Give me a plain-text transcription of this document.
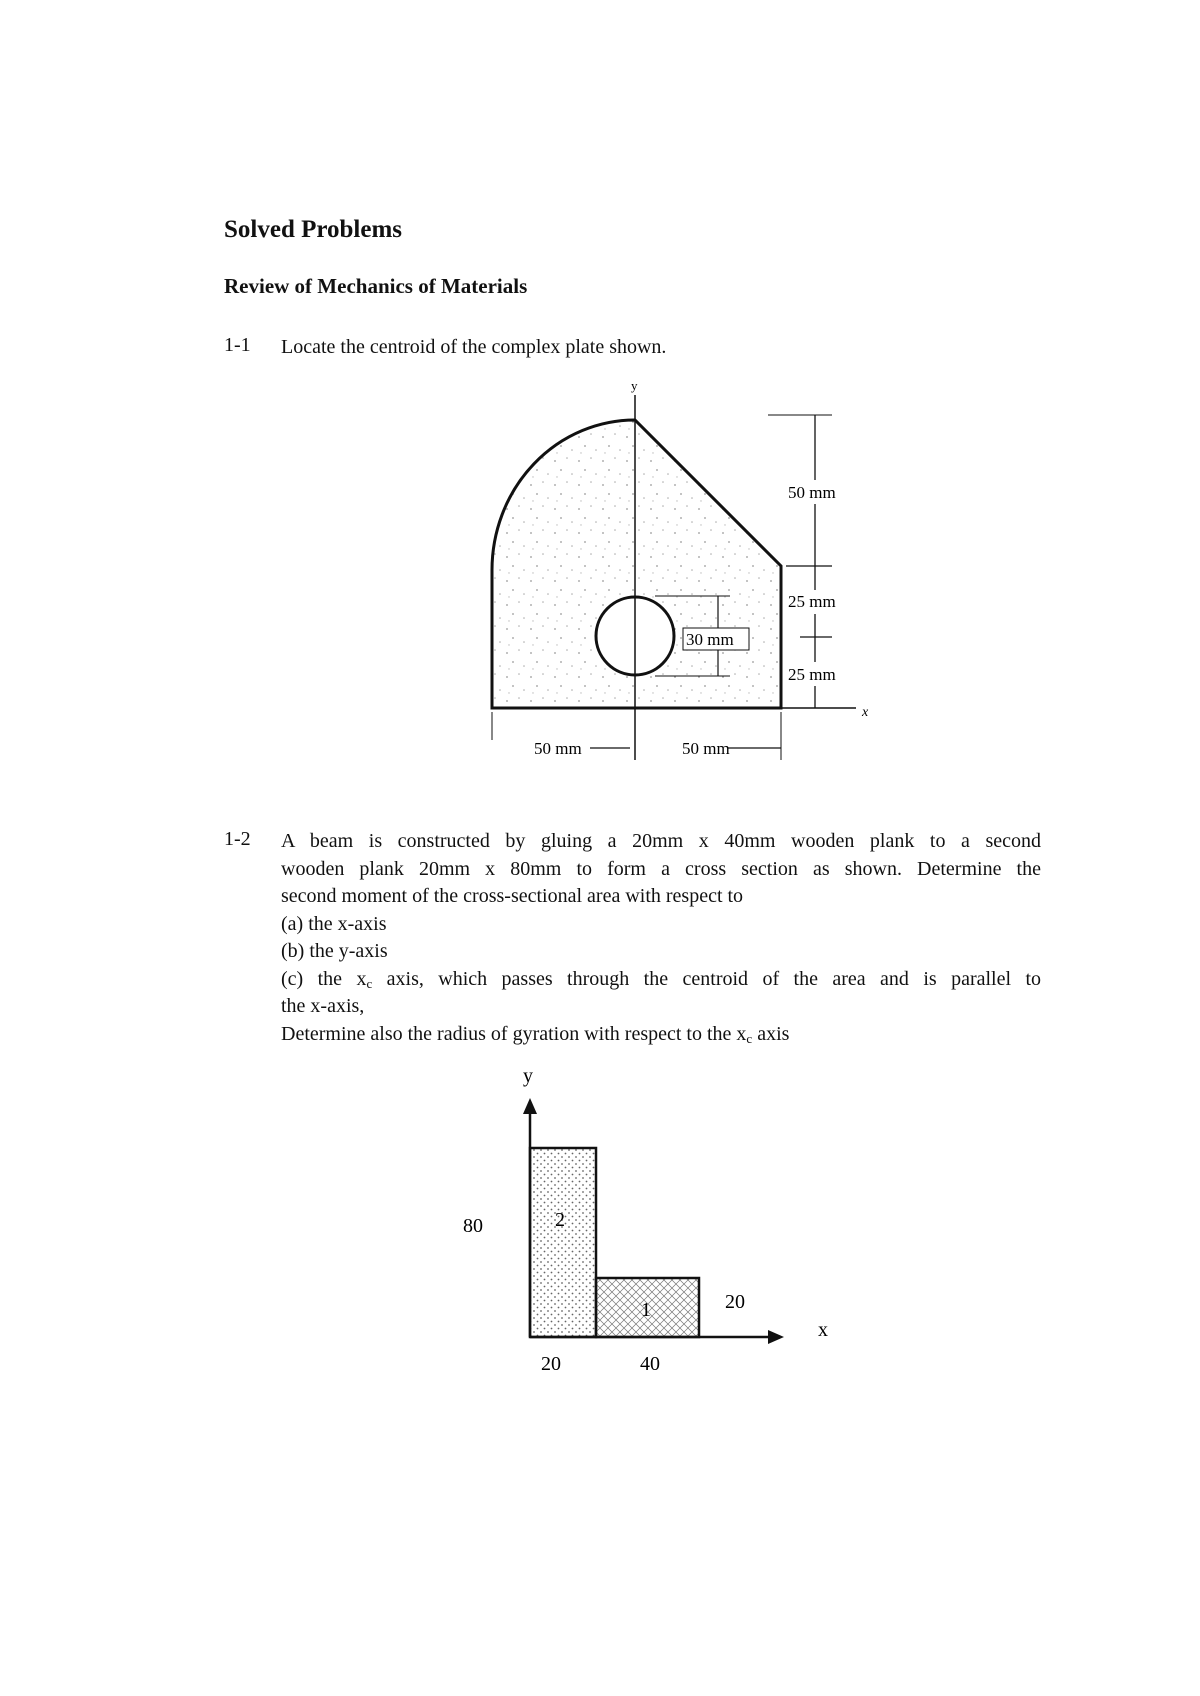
Solved Problems
Review of Mechanics of Materials
1-1 Locate the centroid of the complex plate shown.

y
x
50 mm
25 mm
25 mm
30 mm
50 mm	50 mm
1-2 A beam is constructed by gluing a 20mm x 40mm wooden plank to a second

wooden plank 20mm x 80mm to form a cross section as shown. Determine the

second moment of the cross-sectional area with respect to

(a) the x-axis

(b) the y-axis

(c) the $x_c$ axis, which passes through the centroid of the area and is parallel to

the x-axis,

Determine also the radius of gyration with respect to the $x_c$ axis

y
x
80	2
1	20
20	40
